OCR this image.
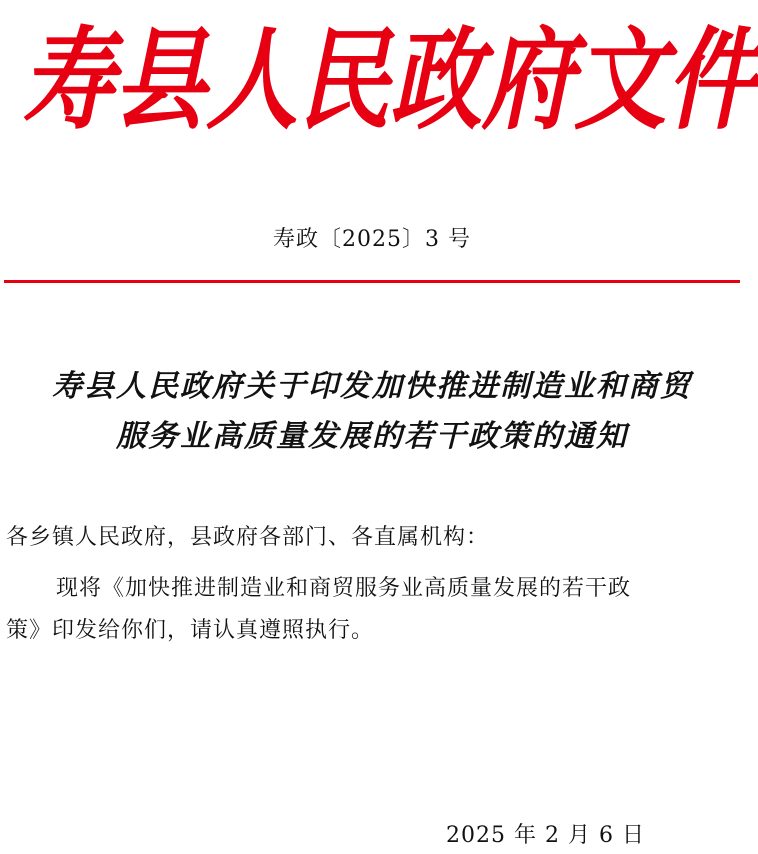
寿 县 人 民 政 府 文 件

寿政〔2025〕3 号

寿县人民政府关于印发加快推进制造业和商贸
服务业高质量发展的若干政策的通知

各乡镇人民政府，县政府各部门、各直属机构：

现将《加快推进制造业和商贸服务业高质量发展的若干政
策》印发给你们，请认真遵照执行。

2025 年 2 月 6 日
